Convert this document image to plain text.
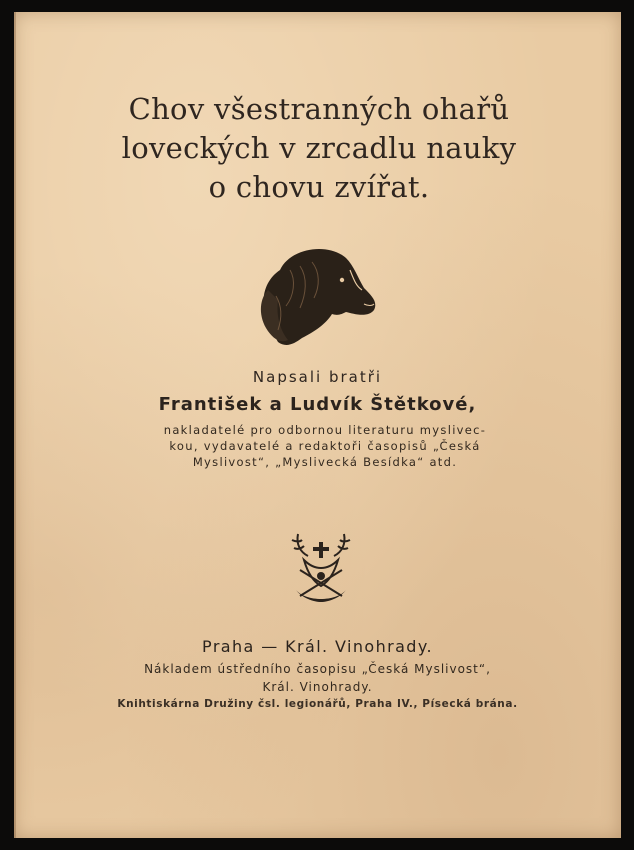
Chov všestranných ohařů
loveckých v zrcadlu nauky
o chovu zvířat.
Napsali bratři
František a Ludvík Štětkové,
nakladatelé pro odbornou literaturu myslivec-
kou, vydavatelé a redaktoři časopisů „Česká
Myslivost“, „Myslivecká Besídka“ atd.
Praha — Král. Vinohrady.
Nákladem ústředního časopisu „Česká Myslivost“,
Král. Vinohrady.
Knihtiskárna Družiny čsl. legionářů, Praha IV., Písecká brána.
